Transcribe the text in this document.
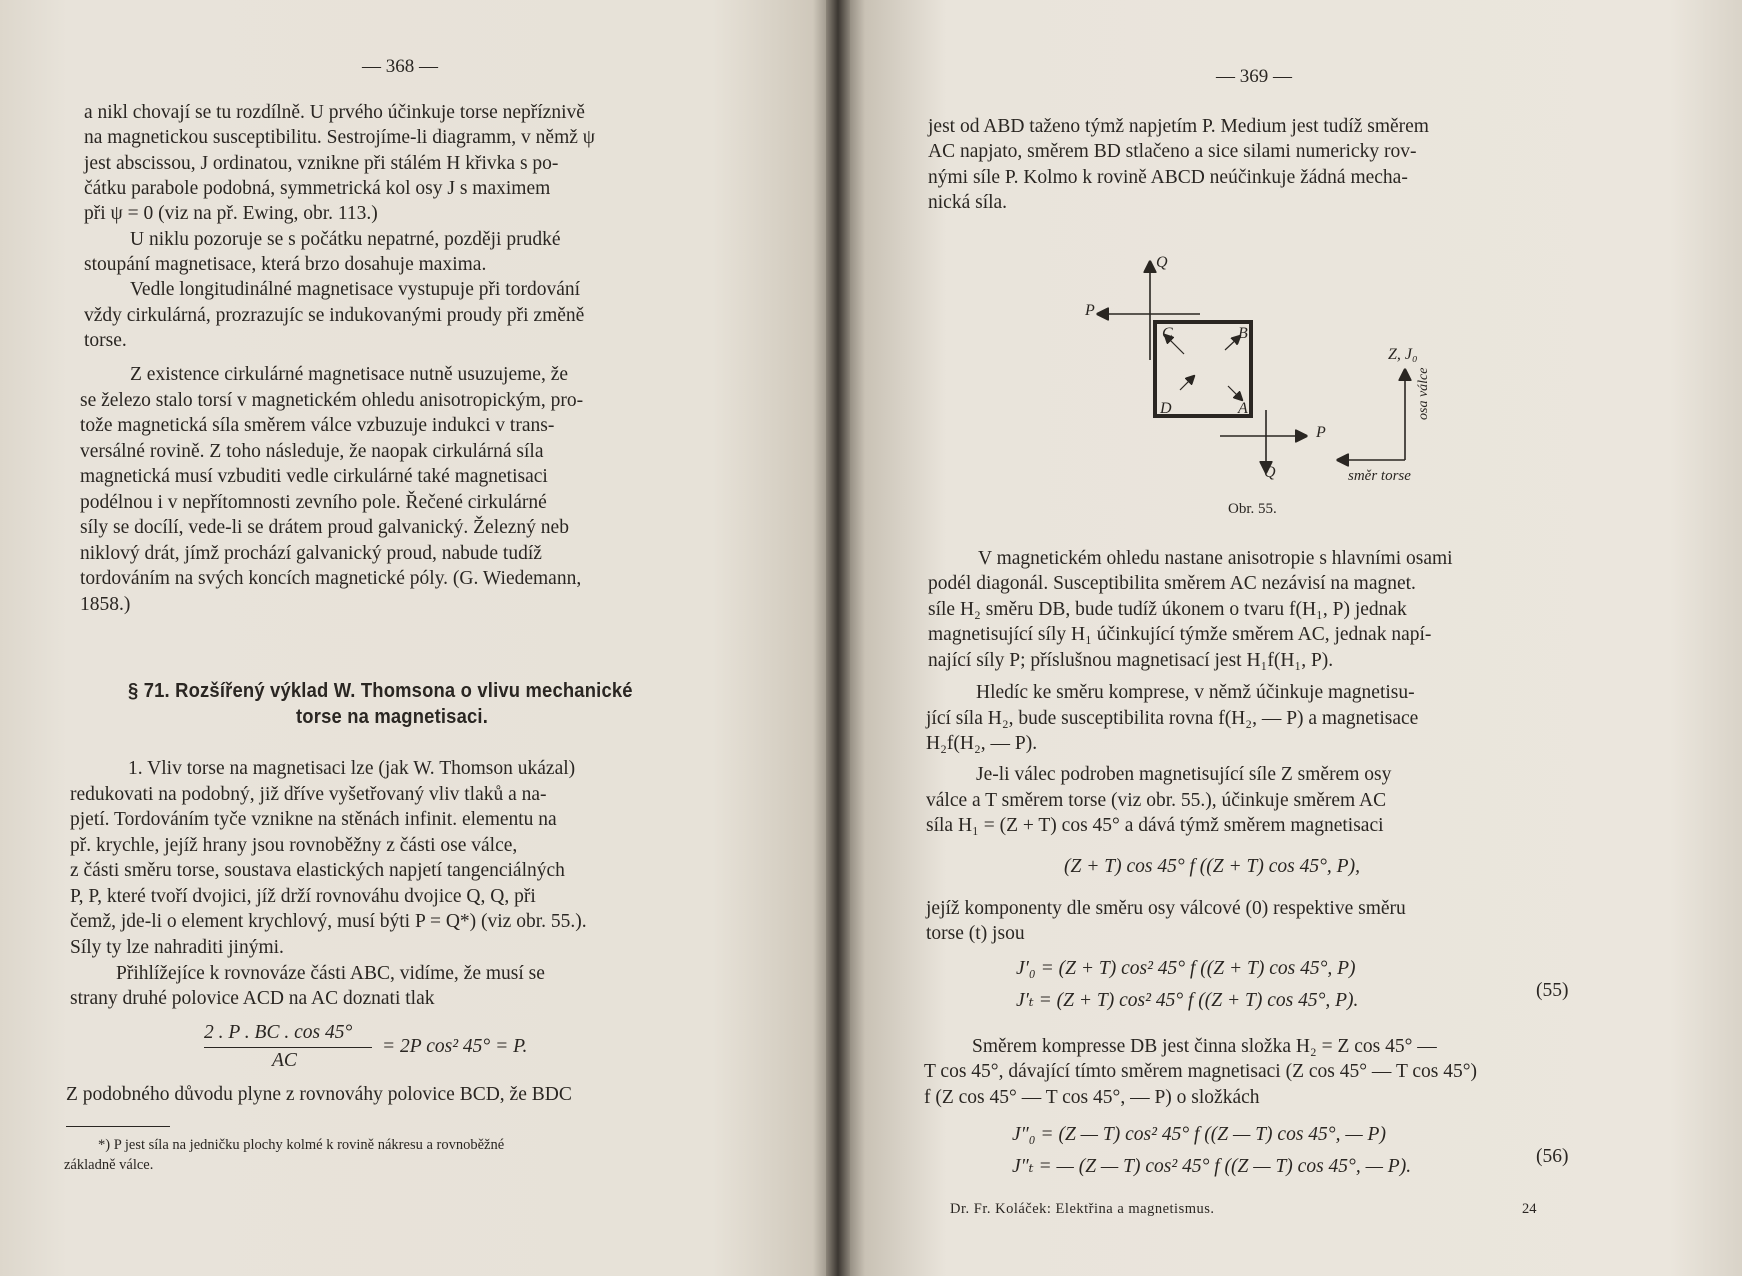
— 368 —
a nikl chovají se tu rozdílně. U prvého účinkuje torse nepříznivě
na magnetickou susceptibilitu. Sestrojíme-li diagramm, v němž ψ
jest abscissou, J ordinatou, vznikne při stálém H křivka s po-
čátku parabole podobná, symmetrická kol osy J s maximem
při ψ = 0 (viz na př. Ewing, obr. 113.)
U niklu pozoruje se s počátku nepatrné, později prudké
stoupání magnetisace, která brzo dosahuje maxima.
Vedle longitudinálné magnetisace vystupuje při tordování
vždy cirkulárná, prozrazujíc se indukovanými proudy při změně
torse.
Z existence cirkulárné magnetisace nutně usuzujeme, že
se železo stalo torsí v magnetickém ohledu anisotropickým, pro-
tože magnetická síla směrem válce vzbuzuje indukci v trans-
versálné rovině. Z toho následuje, že naopak cirkulárná síla
magnetická musí vzbuditi vedle cirkulárné také magnetisaci
podélnou i v nepřítomnosti zevního pole. Řečené cirkulárné
síly se docílí, vede-li se drátem proud galvanický. Železný neb
niklový drát, jímž prochází galvanický proud, nabude tudíž
tordováním na svých koncích magnetické póly. (G. Wiedemann,
1858.)
§ 71. Rozšířený výklad W. Thomsona o vlivu mechanické
torse na magnetisaci.
1. Vliv torse na magnetisaci lze (jak W. Thomson ukázal)
redukovati na podobný, již dříve vyšetřovaný vliv tlaků a na-
pjetí. Tordováním tyče vznikne na stěnách infinit. elementu na
př. krychle, jejíž hrany jsou rovnoběžny z části ose válce,
z části směru torse, soustava elastických napjetí tangenciálných
P, P, které tvoří dvojici, jíž drží rovnováhu dvojice Q, Q, při
čemž, jde-li o element krychlový, musí býti P = Q*) (viz obr. 55.).
Síly ty lze nahraditi jinými.
Přihlížejíce k rovnováze části ABC, vidíme, že musí se
strany druhé polovice ACD na AC doznati tlak
2 . P . BC . cos 45°
AC
= 2P cos² 45° = P.
Z podobného důvodu plyne z rovnováhy polovice BCD, že BDC
*) P jest síla na jedničku plochy kolmé k rovině nákresu a rovnoběžné
základně válce.
— 369 —
jest od ABD taženo týmž napjetím P. Medium jest tudíž směrem
AC napjato, směrem BD stlačeno a sice silami numericky rov-
nými síle P. Kolmo k rovině ABCD neúčinkuje žádná mecha-
nická síla.
Q
P
C	B
D	A
P
Q
Z, J₀
osa válce
směr torse
Obr. 55.
V magnetickém ohledu nastane anisotropie s hlavními osami
podél diagonál. Susceptibilita směrem AC nezávisí na magnet.
síle H₂ směru DB, bude tudíž úkonem o tvaru f(H₁, P) jednak
magnetisující síly H₁ účinkující týmže směrem AC, jednak napí-
nající síly P; příslušnou magnetisací jest H₁f(H₁, P).
Hledíc ke směru komprese, v němž účinkuje magnetisu-
jící síla H₂, bude susceptibilita rovna f(H₂, — P) a magnetisace
H₂f(H₂, — P).
Je-li válec podroben magnetisující síle Z směrem osy
válce a T směrem torse (viz obr. 55.), účinkuje směrem AC
síla H₁ = (Z + T) cos 45° a dává týmž směrem magnetisaci
(Z + T) cos 45° f ((Z + T) cos 45°, P),
jejíž komponenty dle směru osy válcové (0) respektive směru
torse (t) jsou
J′₀ = (Z + T) cos² 45° f ((Z + T) cos 45°, P)
J′ₜ = (Z + T) cos² 45° f ((Z + T) cos 45°, P).	(55)
Směrem kompresse DB jest činna složka H₂ = Z cos 45° —
T cos 45°, dávající tímto směrem magnetisaci (Z cos 45° — T cos 45°)
f (Z cos 45° — T cos 45°, — P) o složkách
J″₀ = (Z — T) cos² 45° f ((Z — T) cos 45°, — P)
J″ₜ = — (Z — T) cos² 45° f ((Z — T) cos 45°, — P).	(56)
Dr. Fr. Koláček: Elektřina a magnetismus.	24
